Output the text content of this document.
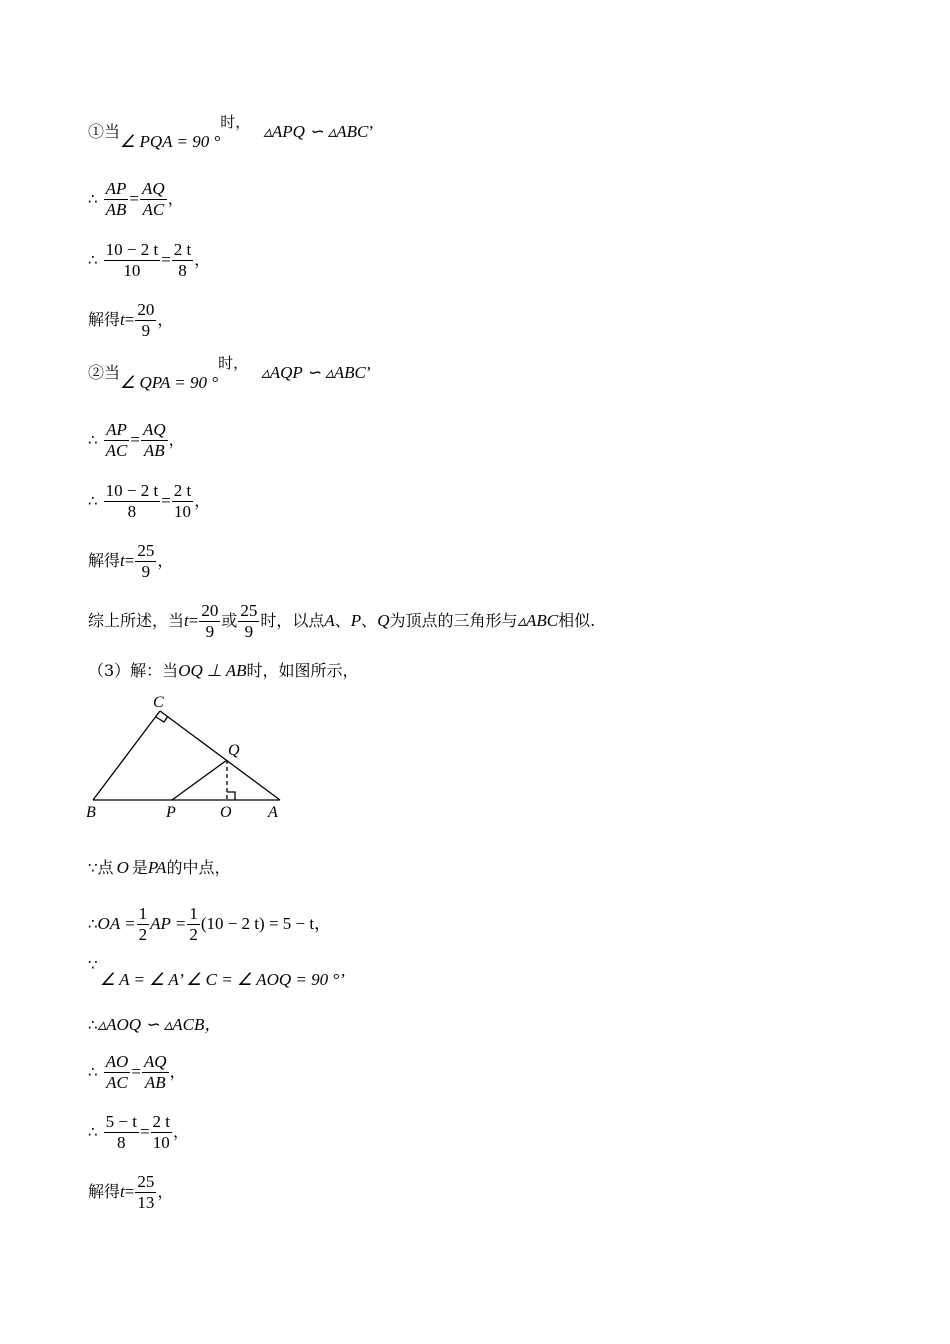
①当∠ PQA = 90 °时， ▵APQ ∽ ▵ABC’
∴ $\frac{AP}{AB} = \frac{AQ}{AC}$ ，
∴ $\frac{10 - 2 t}{10} = \frac{2 t}{8}$ ，
解得$t= \frac{20}{9}$ ，
②当∠ QPA = 90 °时， ▵AQP ∽ ▵ABC’
∴ $\frac{AP}{AC} = \frac{AQ}{AB}$ ，
∴ $\frac{10 - 2 t}{8} = \frac{2 t}{10}$ ，
解得$t= \frac{25}{9}$ ，
综上所述，当$t= \frac{20}{9}$ 或 $\frac{25}{9}$ 时，以点A、P、Q为顶点的三角形与▵ABC相似.
（3）解：当OQ ⊥ AB时，如图所示，
C
Q
B	P	O A
∵点 O 是PA的中点，
∴OA = $\frac{1}{2}$ AP = $\frac{1}{2} (10 - 2$ t) = 5 − t，
∵
∠ A = ∠ A’ ∠ C = ∠ AOQ = 90 °’
∴▵AOQ ∽ ▵ACB，
∴ $\frac{AO}{AC} = \frac{AQ}{AB}$ ，
∴ $\frac{5 - t}{8} = \frac{2 t}{10}$ ，
解得$t= \frac{25}{13}$ ，
